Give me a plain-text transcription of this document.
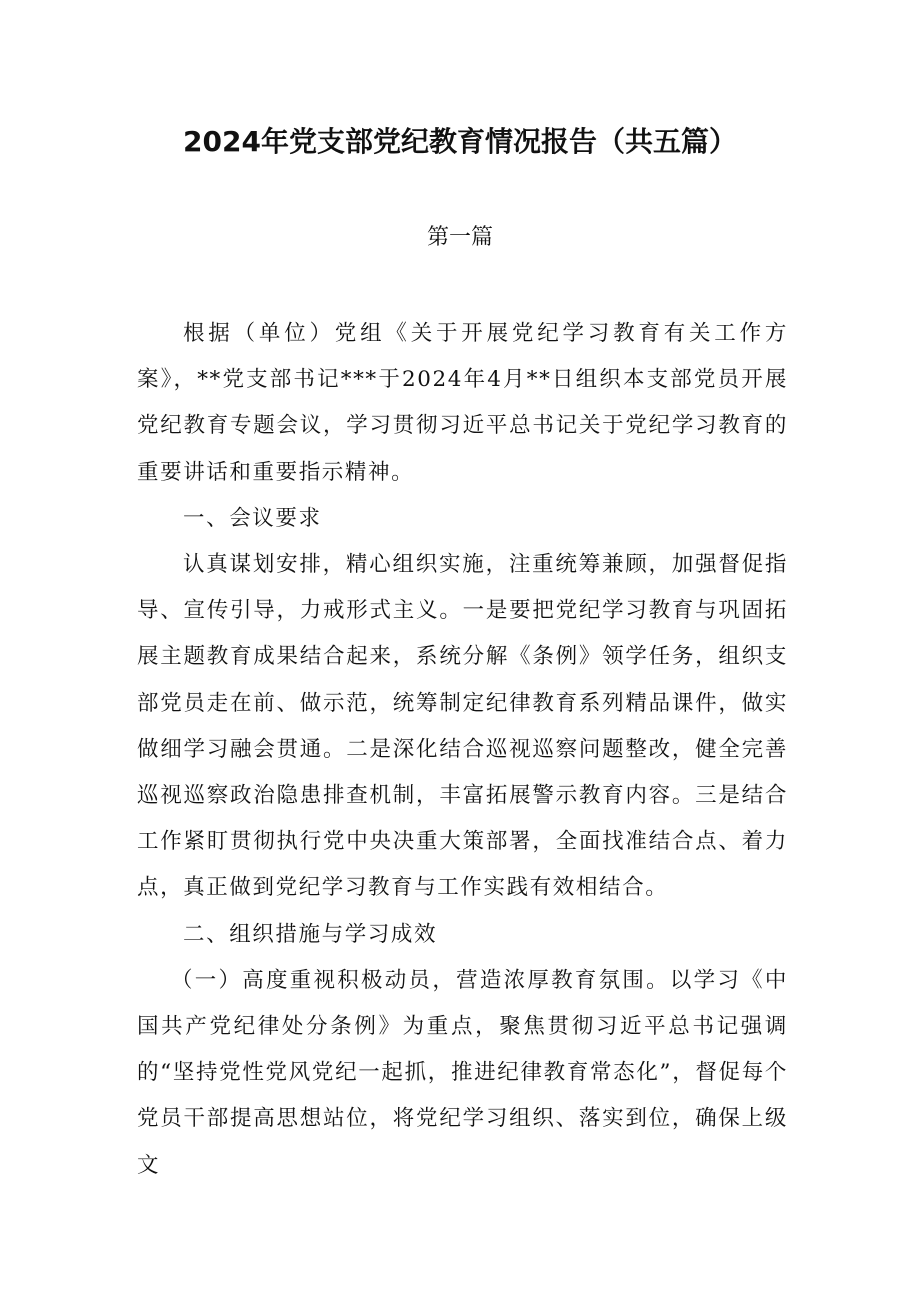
2024年党支部党纪教育情况报告（共五篇）
第一篇

根据（单位）党组《关于开展党纪学习教育有关工作方案》，**党支部书记***于2024年4月**日组织本支部党员开展党纪教育专题会议，学习贯彻习近平总书记关于党纪学习教育的重要讲话和重要指示精神。

一、会议要求

认真谋划安排，精心组织实施，注重统筹兼顾，加强督促指导、宣传引导，力戒形式主义。一是要把党纪学习教育与巩固拓展主题教育成果结合起来，系统分解《条例》领学任务，组织支部党员走在前、做示范，统筹制定纪律教育系列精品课件，做实做细学习融会贯通。二是深化结合巡视巡察问题整改，健全完善巡视巡察政治隐患排查机制，丰富拓展警示教育内容。三是结合工作紧盯贯彻执行党中央决重大策部署，全面找准结合点、着力点，真正做到党纪学习教育与工作实践有效相结合。

二、组织措施与学习成效

（一）高度重视积极动员，营造浓厚教育氛围。以学习《中国共产党纪律处分条例》为重点，聚焦贯彻习近平总书记强调的“坚持党性党风党纪一起抓，推进纪律教育常态化”，督促每个党员干部提高思想站位，将党纪学习组织、落实到位，确保上级文
